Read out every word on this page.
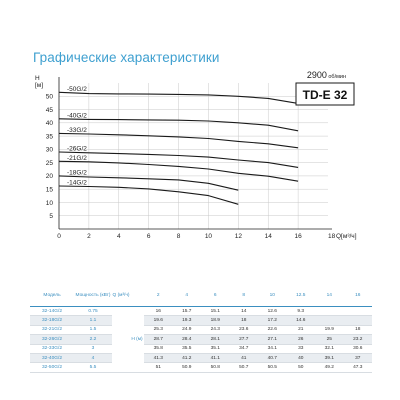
Графические характеристики
0	2	4	6	8	10	12	14	16	18 Q[м³/ч]
5
10
15
20
25
30
35
40
45
50
H [м]
-50G/2
-40G/2
-33G/2
-26G/2
-21G/2
-18G/2
-14G/2
2900 об/мин
TD-E 32
Модель	Мощность (кВт)	Q (м³/ч)		2	4	6	8	10	12.5	14	16
32-14G/2	0.75		H (м)	16	15.7	15.1	14	12.6	9.3		
32-18G/2	1.1			19.6	19.3	18.9	18	17.2	14.6		
32-21G/2	1.5			25.3	24.9	24.3	23.6	22.6	21	19.9	18
32-26G/2	2.2			28.7	28.4	28.1	27.7	27.1	26	25	23.2
32-33G/2	3			35.8	35.5	35.1	34.7	34.1	33	32.1	30.6
32-40G/2	4			41.3	41.2	41.1	41	40.7	40	39.1	37
32-50G/2	5.5			51	50.9	50.8	50.7	50.5	50	49.2	47.3
